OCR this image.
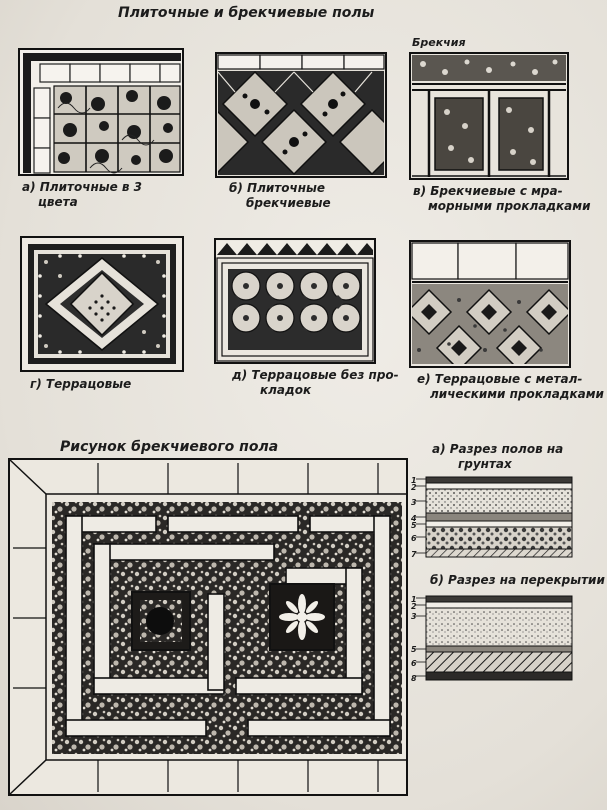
Плиточные и брекчиевые полы
а) Плиточные в 3
цвета
б) Плиточные
брекчиевые
Брекчия
в) Брекчиевые с мра-
морными прокладками
г) Террацовые
д) Террацовые без про-
кладок
е) Террацовые с метал-
лическими прокладками
Рисунок брекчиевого пола	а) Разрез полов на
грунтах
1
2
3
4
5
6
7
б) Разрез на перекрытии
1
2
3
5
6
8
